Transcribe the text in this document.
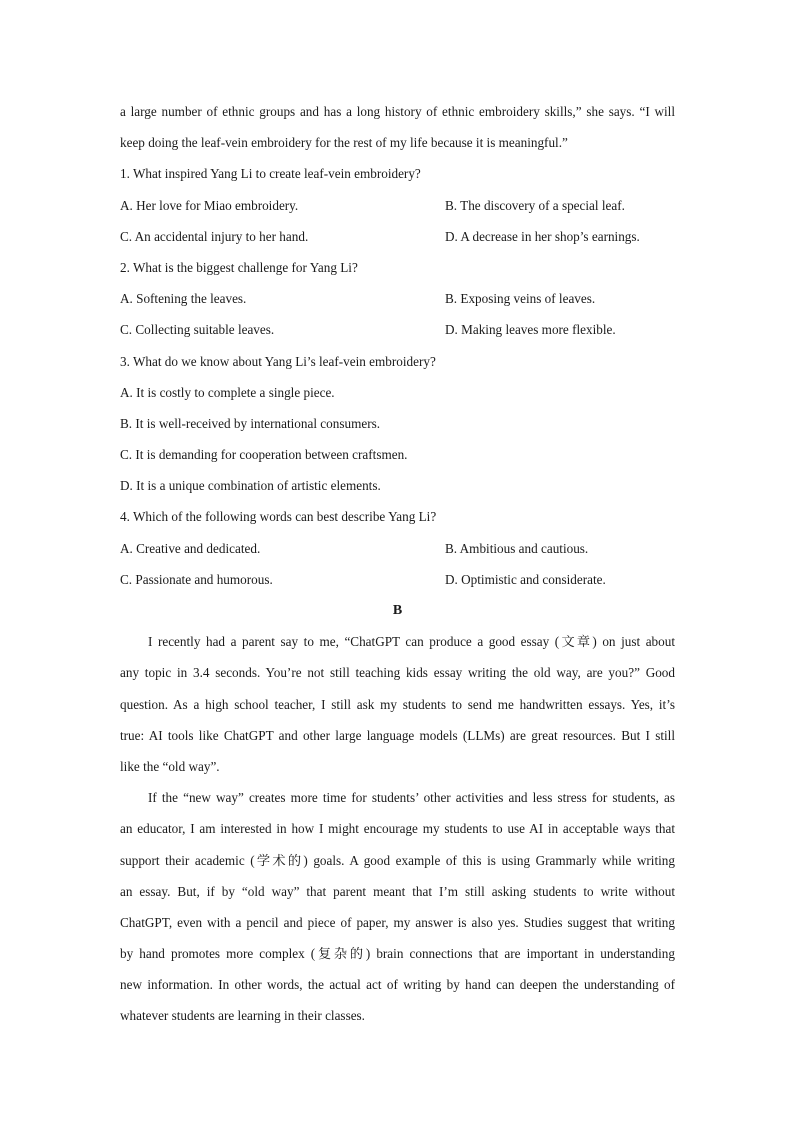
a large number of ethnic groups and has a long history of ethnic embroidery skills,” she says. “I will
keep doing the leaf-vein embroidery for the rest of my life because it is meaningful.”
1. What inspired Yang Li to create leaf-vein embroidery?
A. Her love for Miao embroidery.	B. The discovery of a special leaf.
C. An accidental injury to her hand.	D. A decrease in her shop’s earnings.
2. What is the biggest challenge for Yang Li?
A. Softening the leaves.	B. Exposing veins of leaves.
C. Collecting suitable leaves.	D. Making leaves more flexible.
3. What do we know about Yang Li’s leaf-vein embroidery?
A. It is costly to complete a single piece.
B. It is well-received by international consumers.
C. It is demanding for cooperation between craftsmen.
D. It is a unique combination of artistic elements.
4. Which of the following words can best describe Yang Li?
A. Creative and dedicated.	B. Ambitious and cautious.
C. Passionate and humorous.	D. Optimistic and considerate.
B
I recently had a parent say to me, “ChatGPT can produce a good essay (文章) on just about
any topic in 3.4 seconds. You’re not still teaching kids essay writing the old way, are you?” Good
question. As a high school teacher, I still ask my students to send me handwritten essays. Yes, it’s
true: AI tools like ChatGPT and other large language models (LLMs) are great resources. But I still
like the “old way”.
If the “new way” creates more time for students’ other activities and less stress for students, as
an educator, I am interested in how I might encourage my students to use AI in acceptable ways that
support their academic (学术的) goals. A good example of this is using Grammarly while writing
an essay. But, if by “old way” that parent meant that I’m still asking students to write without
ChatGPT, even with a pencil and piece of paper, my answer is also yes. Studies suggest that writing
by hand promotes more complex (复杂的) brain connections that are important in understanding
new information. In other words, the actual act of writing by hand can deepen the understanding of
whatever students are learning in their classes.
